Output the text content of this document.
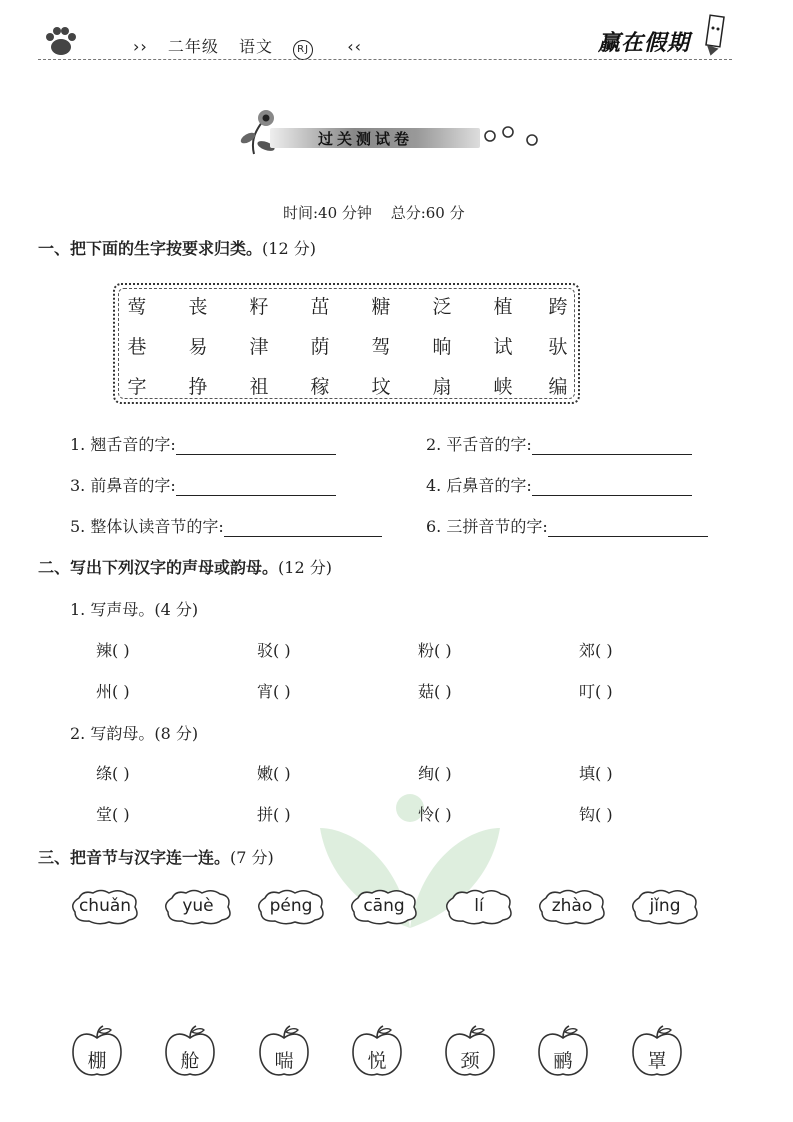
›› 二年级 语文 RJ ‹‹	赢在假期
过关测试卷
时间:40 分钟 总分:60 分
一、把下面的生字按要求归类。(12 分)
莺	丧	籽	茁	糖	泛	植	跨
巷	易	津	荫	驾	晌	试	驮
字	挣	祖	稼	坟	扇	峡	编
1. 翘舌音的字:	2. 平舌音的字:
3. 前鼻音的字:	4. 后鼻音的字:
5. 整体认读音节的字:	6. 三拼音节的字:
二、写出下列汉字的声母或韵母。(12 分)
1. 写声母。(4 分)
辣( )	驳( )	粉( )	郊( )
州( )	宵( )	菇( )	叮( )
2. 写韵母。(8 分)
绦( )	嫩( )	绚( )	填( )
堂( )	拼( )	怜( )	钩( )
三、把音节与汉字连一连。(7 分)
chuǎn	yuè	péng	cāng	lí	zhào	jǐng
棚	舱	喘	悦	颈	鹂	罩
